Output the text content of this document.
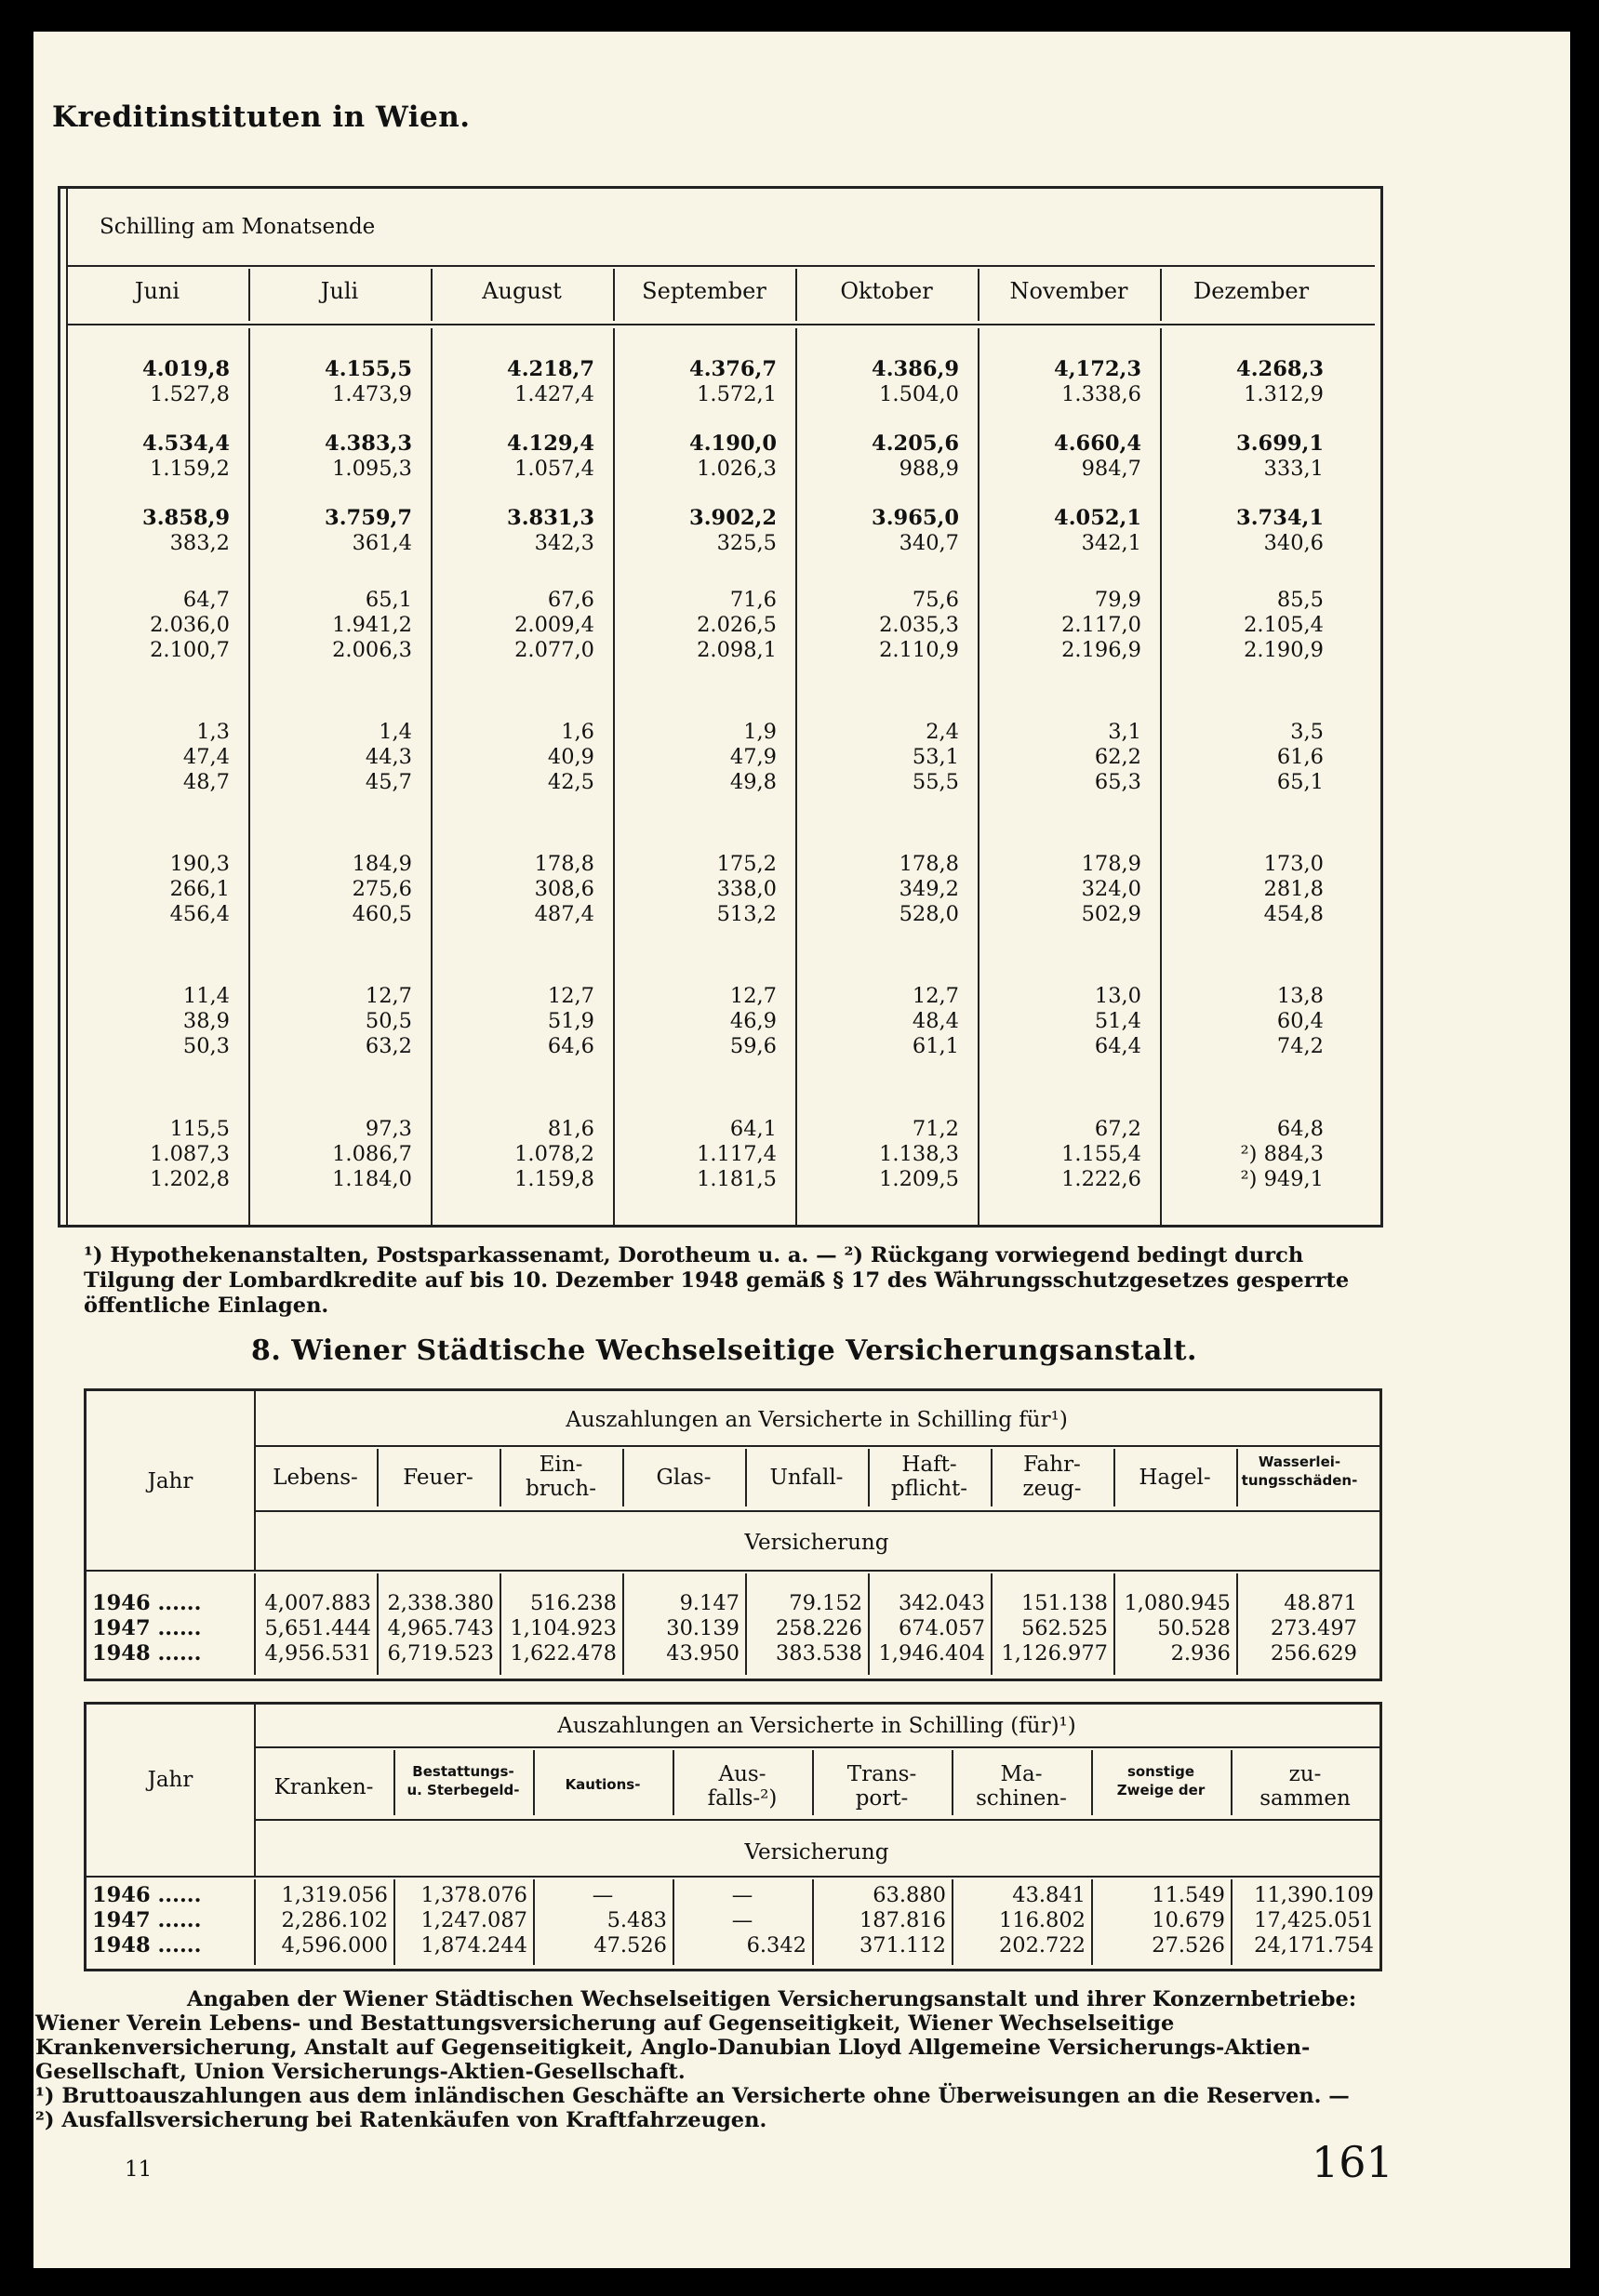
Kreditinstituten in Wien.
Schilling am Monatsende
Juni	Juli	August	September	Oktober	November	Dezember
4.019,8	4.155,5	4.218,7	4.376,7	4.386,9	4,172,3	4.268,3
1.527,8	1.473,9	1.427,4	1.572,1	1.504,0	1.338,6	1.312,9
4.534,4	4.383,3	4.129,4	4.190,0	4.205,6	4.660,4	3.699,1
1.159,2	1.095,3	1.057,4	1.026,3	988,9	984,7	333,1
3.858,9	3.759,7	3.831,3	3.902,2	3.965,0	4.052,1	3.734,1
383,2	361,4	342,3	325,5	340,7	342,1	340,6
64,7	65,1	67,6	71,6	75,6	79,9	85,5
2.036,0	1.941,2	2.009,4	2.026,5	2.035,3	2.117,0	2.105,4
2.100,7	2.006,3	2.077,0	2.098,1	2.110,9	2.196,9	2.190,9
1,3	1,4	1,6	1,9	2,4	3,1	3,5
47,4	44,3	40,9	47,9	53,1	62,2	61,6
48,7	45,7	42,5	49,8	55,5	65,3	65,1
190,3	184,9	178,8	175,2	178,8	178,9	173,0
266,1	275,6	308,6	338,0	349,2	324,0	281,8
456,4	460,5	487,4	513,2	528,0	502,9	454,8
11,4	12,7	12,7	12,7	12,7	13,0	13,8
38,9	50,5	51,9	46,9	48,4	51,4	60,4
50,3	63,2	64,6	59,6	61,1	64,4	74,2
115,5	97,3	81,6	64,1	71,2	67,2	64,8
1.087,3	1.086,7	1.078,2	1.117,4	1.138,3	1.155,4	²) 884,3
1.202,8	1.184,0	1.159,8	1.181,5	1.209,5	1.222,6	²) 949,1
¹) Hypothekenanstalten, Postsparkassenamt, Dorotheum u. a. — ²) Rückgang vorwiegend bedingt durch Tilgung der Lombardkredite auf bis 10. Dezember 1948 gemäß § 17 des Währungsschutzgesetzes gesperrte öffentliche Einlagen.
8. Wiener Städtische Wechselseitige Versicherungsanstalt.
Jahr
Auszahlungen an Versicherte in Schilling für¹)
Versicherung
Lebens-	Feuer-
Ein-
bruch-	Glas-	Unfall-
Haft-
pflicht-
Fahr-
zeug-	Hagel-
Wasserlei-
tungsschäden-
1946 ......	4,007.883 2,338.380	516.238	9.147	79.152	342.043	151.138 1,080.945	48.871
1947 ......	5,651.444 4,965.743 1,104.923	30.139	258.226	674.057	562.525	50.528	273.497
1948 ......	4,956.531 6,719.523 1,622.478	43.950	383.538 1,946.404 1,126.977	2.936	256.629
Jahr
Auszahlungen an Versicherte in Schilling (für)¹)
Versicherung
Kranken-
Bestattungs-
u. Sterbegeld-	Kautions-	Aus-
falls-²)
Trans-
port-
Ma-
schinen-
sonstige
Zweige der
zu-
sammen
1946 ......	1,319.056	1,378.076	—	—	63.880	43.841	11.549	11,390.109
1947 ......	2,286.102	1,247.087	5.483	—	187.816	116.802	10.679	17,425.051
1948 ......	4,596.000	1,874.244	47.526	6.342	371.112	202.722	27.526	24,171.754
Angaben der Wiener Städtischen Wechselseitigen Versicherungsanstalt und ihrer Konzernbetriebe: Wiener Verein Lebens- und Bestattungsversicherung auf Gegenseitigkeit, Wiener Wechselseitige Krankenversicherung, Anstalt auf Gegenseitigkeit, Anglo-Danubian Lloyd Allgemeine Versicherungs-Aktien-Gesellschaft, Union Versicherungs-Aktien-Gesellschaft.
¹) Bruttoauszahlungen aus dem inländischen Geschäfte an Versicherte ohne Überweisungen an die Reserven. —
²) Ausfallsversicherung bei Ratenkäufen von Kraftfahrzeugen.
11	161
